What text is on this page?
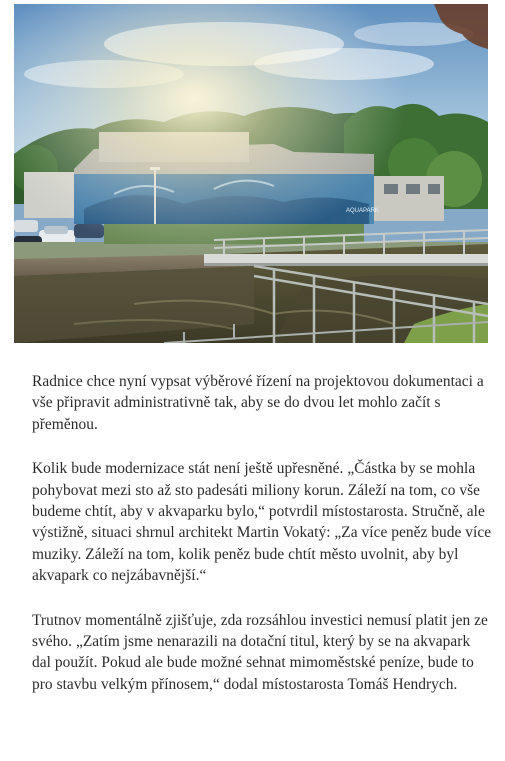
Radnice chce nyní vypsat výběrové řízení na projektovou dokumentaci a vše připravit administrativně tak, aby se do dvou let mohlo začít s přeměnou.

Kolik bude modernizace stát není ještě upřesněné. „Částka by se mohla pohybovat mezi sto až sto padesáti miliony korun. Záleží na tom, co vše budeme chtít, aby v akvaparku bylo,“ potvrdil místostarosta. Stručně, ale výstižně, situaci shrnul architekt Martin Vokatý: „Za více peněz bude více muziky. Záleží na tom, kolik peněz bude chtít město uvolnit, aby byl akvapark co nejzábavnější.“

Trutnov momentálně zjišťuje, zda rozsáhlou investici nemusí platit jen ze svého. „Zatím jsme nenarazili na dotační titul, který by se na akvapark dal použít. Pokud ale bude možné sehnat mimoměstské peníze, bude to pro stavbu velkým přínosem,“ dodal místostarosta Tomáš Hendrych.
